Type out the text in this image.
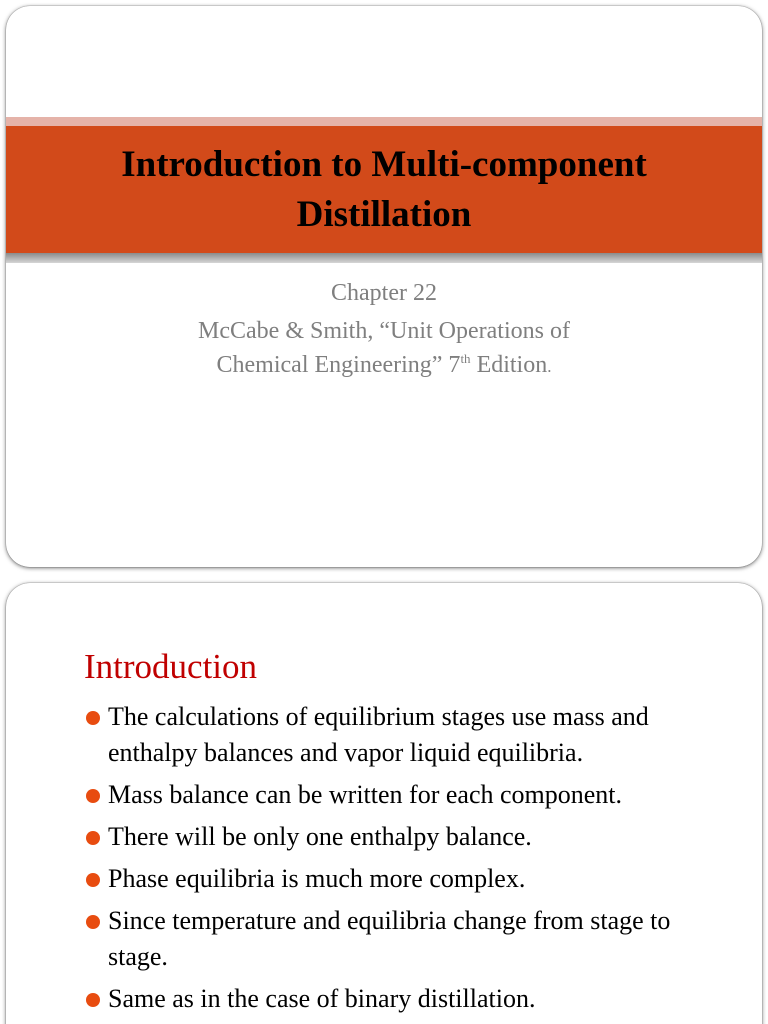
Introduction to Multi-component
Distillation

Chapter 22

McCabe & Smith, “Unit Operations of

Chemical Engineering” 7th Edition.

Introduction
The calculations of equilibrium stages use mass and enthalpy balances and vapor liquid equilibria.
Mass balance can be written for each component.
There will be only one enthalpy balance.
Phase equilibria is much more complex.
Since temperature and equilibria change from stage to stage.
Same as in the case of binary distillation.
